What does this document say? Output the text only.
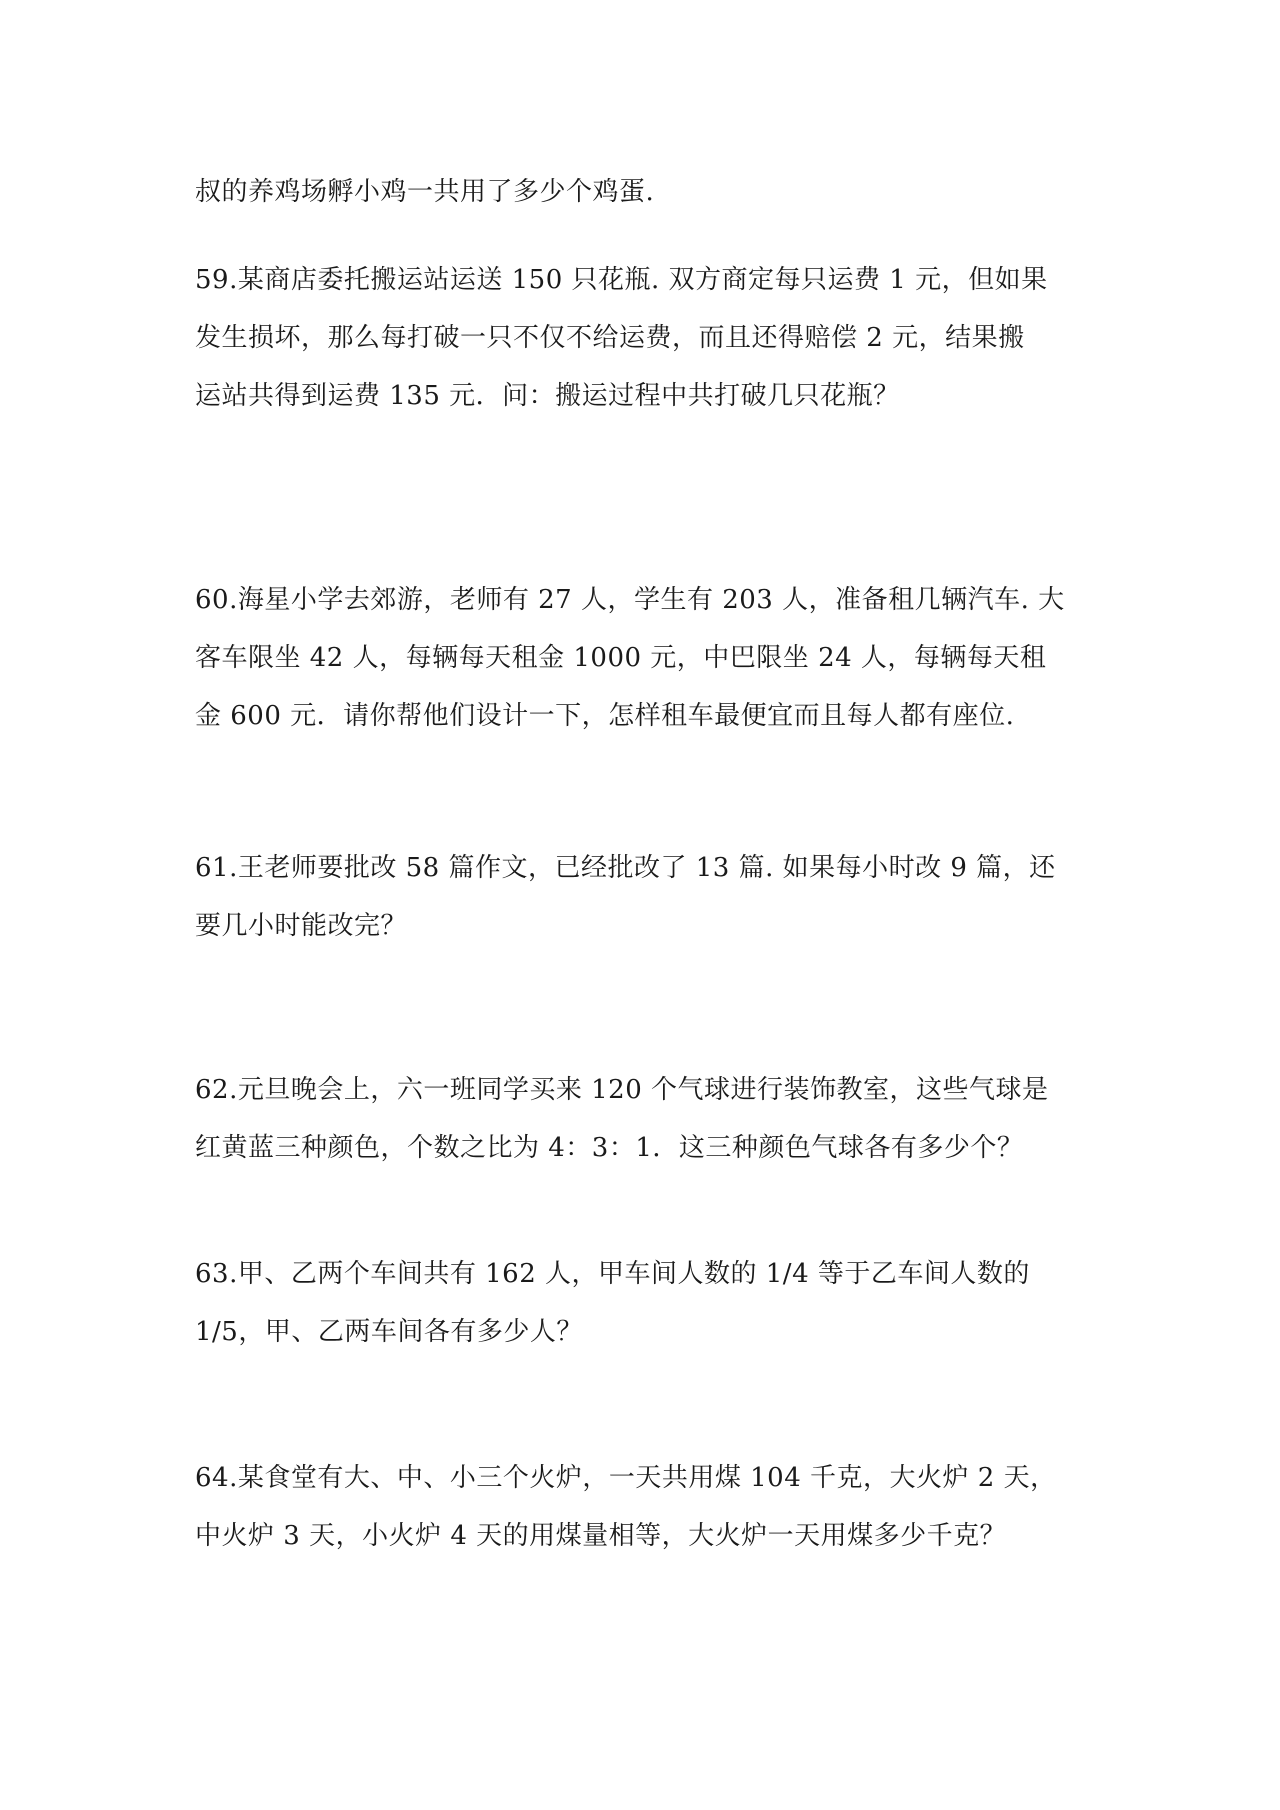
叔的养鸡场孵小鸡一共用了多少个鸡蛋.
59.某商店委托搬运站运送 150 只花瓶. 双方商定每只运费 1 元，但如果
发生损坏，那么每打破一只不仅不给运费，而且还得赔偿 2 元，结果搬
运站共得到运费 135 元．问：搬运过程中共打破几只花瓶？
60.海星小学去郊游，老师有 27 人，学生有 203 人，准备租几辆汽车. 大
客车限坐 42 人，每辆每天租金 1000 元，中巴限坐 24 人，每辆每天租
金 600 元．请你帮他们设计一下，怎样租车最便宜而且每人都有座位.
61.王老师要批改 58 篇作文，已经批改了 13 篇. 如果每小时改 9 篇，还
要几小时能改完？
62.元旦晚会上，六一班同学买来 120 个气球进行装饰教室，这些气球是
红黄蓝三种颜色，个数之比为 4：3：1．这三种颜色气球各有多少个？
63.甲、乙两个车间共有 162 人，甲车间人数的 1/4 等于乙车间人数的
1/5，甲、乙两车间各有多少人？
64.某食堂有大、中、小三个火炉，一天共用煤 104 千克，大火炉 2 天，
中火炉 3 天，小火炉 4 天的用煤量相等，大火炉一天用煤多少千克？
